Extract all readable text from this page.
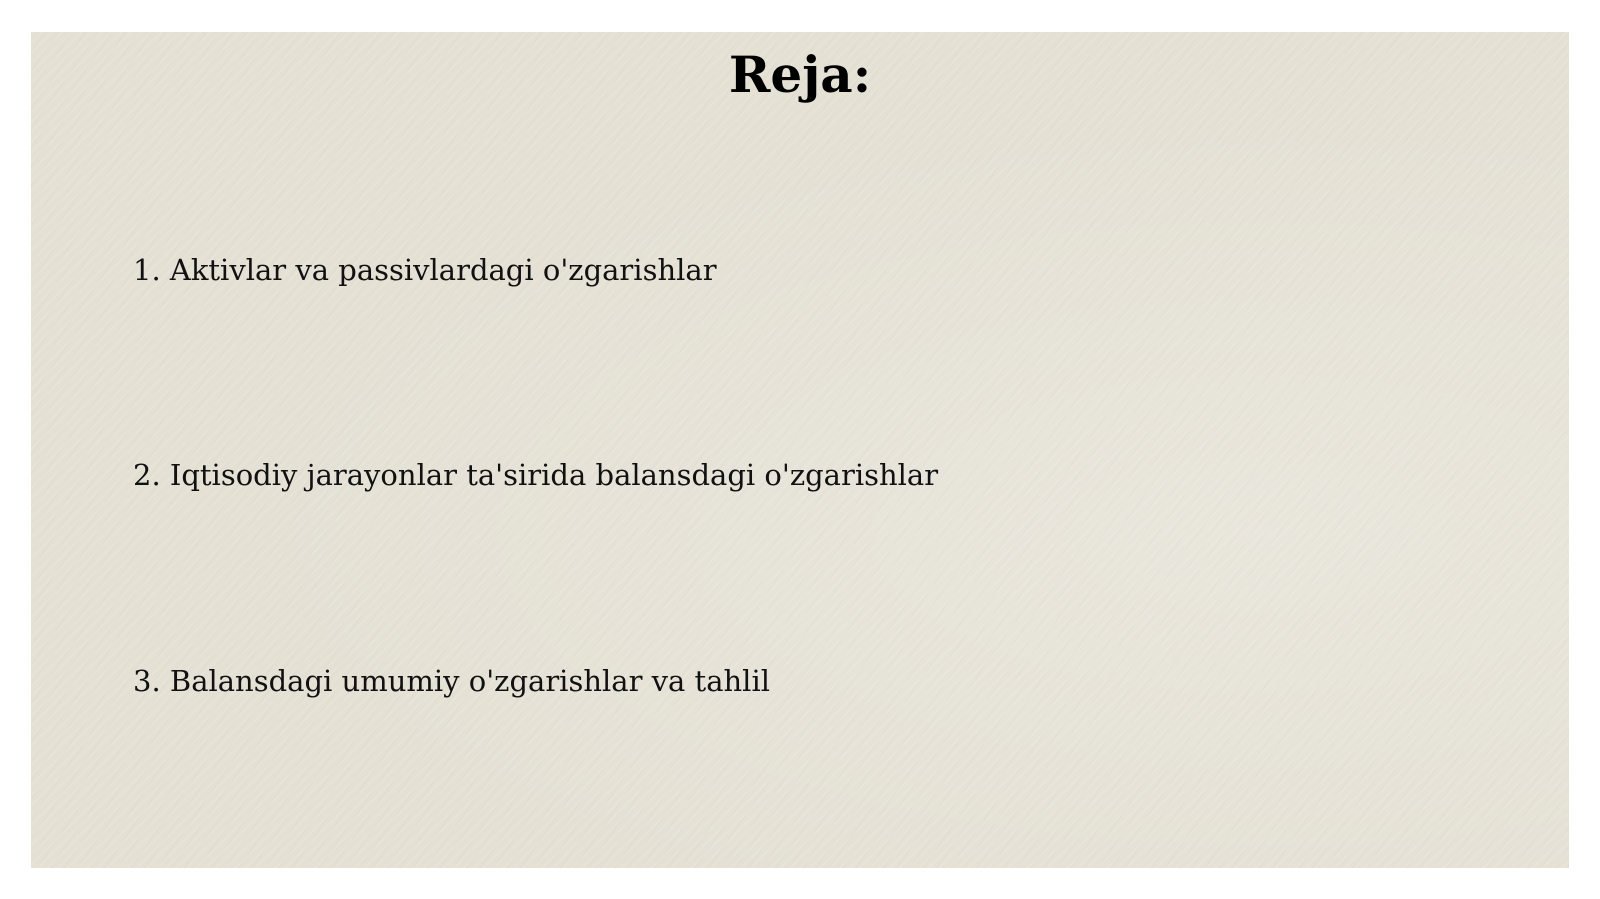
Reja:
1. Aktivlar va passivlardagi o'zgarishlar
2. Iqtisodiy jarayonlar ta'sirida balansdagi o'zgarishlar
3. Balansdagi umumiy o'zgarishlar va tahlil
